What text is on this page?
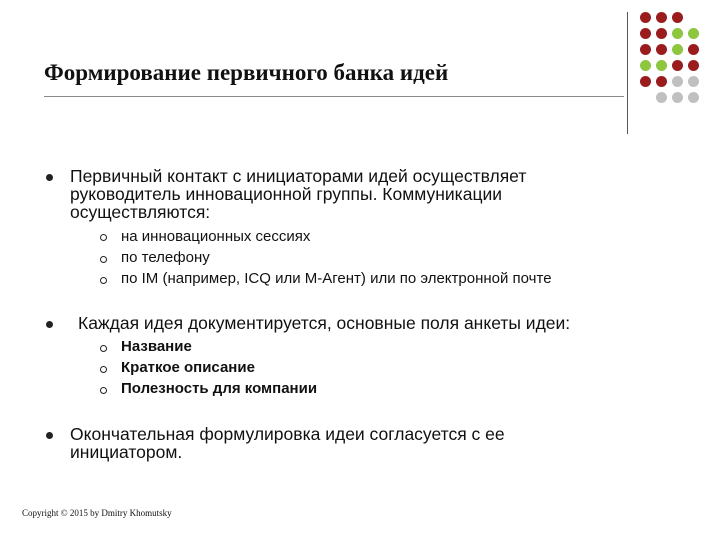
Формирование первичного банка идей
Первичный контакт с инициаторами идей осуществляет руководитель инновационной группы. Коммуникации осуществляются:
на инновационных сессиях
по телефону
по IM (например, ICQ или М-Агент) или по электронной почте
Каждая идея документируется, основные поля анкеты идеи:
Название
Краткое описание
Полезность для компании
Окончательная формулировка идеи согласуется с ее инициатором.
Copyright © 2015 by Dmitry Khomutsky
